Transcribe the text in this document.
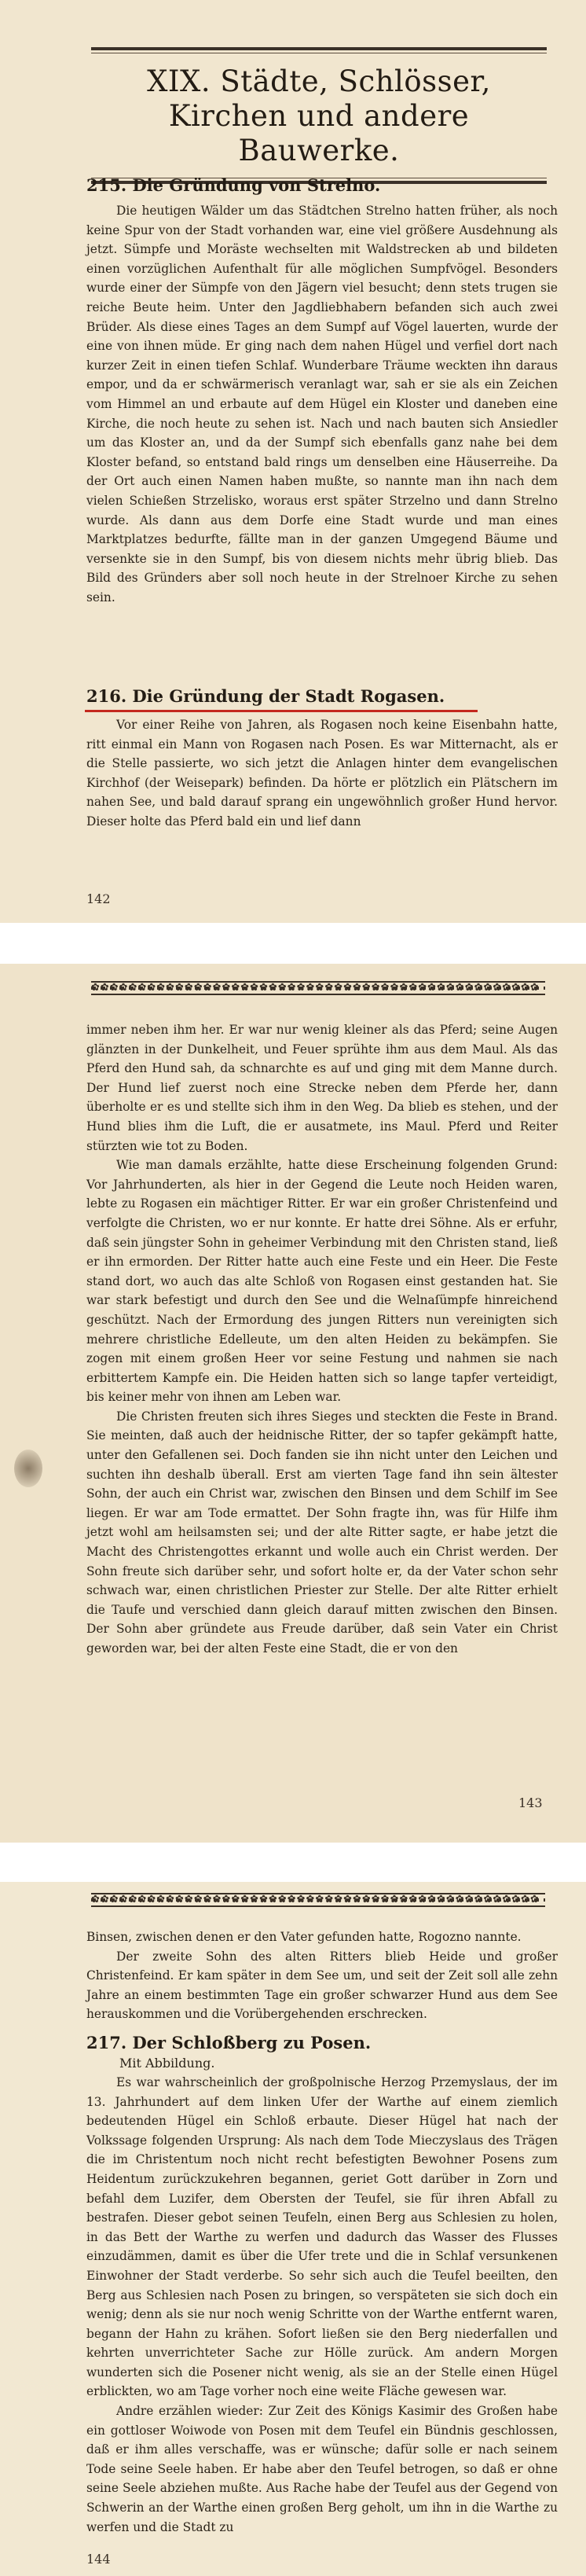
XIX. Städte, Schlösser, Kirchen und andere Bauwerke.
215. Die Gründung von Strelno.
Die heutigen Wälder um das Städtchen Strelno hatten früher, als noch keine Spur von der Stadt vorhanden war, eine viel größere Ausdehnung als jetzt. Sümpfe und Moräste wechselten mit Waldstrecken ab und bildeten einen vorzüglichen Aufenthalt für alle möglichen Sumpfvögel. Besonders wurde einer der Sümpfe von den Jägern viel besucht; denn stets trugen sie reiche Beute heim. Unter den Jagdliebhabern befanden sich auch zwei Brüder. Als diese eines Tages an dem Sumpf auf Vögel lauerten, wurde der eine von ihnen müde. Er ging nach dem nahen Hügel und verfiel dort nach kurzer Zeit in einen tiefen Schlaf. Wunderbare Träume weckten ihn daraus empor, und da er schwärmerisch veranlagt war, sah er sie als ein Zeichen vom Himmel an und erbaute auf dem Hügel ein Kloster und daneben eine Kirche, die noch heute zu sehen ist. Nach und nach bauten sich Ansiedler um das Kloster an, und da der Sumpf sich ebenfalls ganz nahe bei dem Kloster befand, so entstand bald rings um denselben eine Häuserreihe. Da der Ort auch einen Namen haben mußte, so nannte man ihn nach dem vielen Schießen Strzelisko, woraus erst später Strzelno und dann Strelno wurde. Als dann aus dem Dorfe eine Stadt wurde und man eines Marktplatzes bedurfte, fällte man in der ganzen Umgegend Bäume und versenkte sie in den Sumpf, bis von diesem nichts mehr übrig blieb. Das Bild des Gründers aber soll noch heute in der Strelnoer Kirche zu sehen sein.
216. Die Gründung der Stadt Rogasen.
Vor einer Reihe von Jahren, als Rogasen noch keine Eisenbahn hatte, ritt einmal ein Mann von Rogasen nach Posen. Es war Mitternacht, als er die Stelle passierte, wo sich jetzt die Anlagen hinter dem evangelischen Kirchhof (der Weisepark) befinden. Da hörte er plötzlich ein Plätschern im nahen See, und bald darauf sprang ein ungewöhnlich großer Hund hervor. Dieser holte das Pferd bald ein und lief dann
142
✿✿✿✿✿✿✿✿✿✿✿✿✿✿✿✿✿✿✿✿✿✿✿✿✿✿✿✿✿✿✿✿✿✿✿✿✿✿✿✿✿✿✿✿✿✿✿✿
immer neben ihm her. Er war nur wenig kleiner als das Pferd; seine Augen glänzten in der Dunkelheit, und Feuer sprühte ihm aus dem Maul. Als das Pferd den Hund sah, da schnarchte es auf und ging mit dem Manne durch. Der Hund lief zuerst noch eine Strecke neben dem Pferde her, dann überholte er es und stellte sich ihm in den Weg. Da blieb es stehen, und der Hund blies ihm die Luft, die er ausatmete, ins Maul. Pferd und Reiter stürzten wie tot zu Boden.
Wie man damals erzählte, hatte diese Erscheinung folgenden Grund: Vor Jahrhunderten, als hier in der Gegend die Leute noch Heiden waren, lebte zu Rogasen ein mächtiger Ritter. Er war ein großer Christenfeind und verfolgte die Christen, wo er nur konnte. Er hatte drei Söhne. Als er erfuhr, daß sein jüngster Sohn in geheimer Verbindung mit den Christen stand, ließ er ihn ermorden. Der Ritter hatte auch eine Feste und ein Heer. Die Feste stand dort, wo auch das alte Schloß von Rogasen einst gestanden hat. Sie war stark befestigt und durch den See und die Welnaſümpfe hinreichend geschützt. Nach der Ermordung des jungen Ritters nun vereinigten sich mehrere christliche Edelleute, um den alten Heiden zu bekämpfen. Sie zogen mit einem großen Heer vor seine Festung und nahmen sie nach erbittertem Kampfe ein. Die Heiden hatten sich so lange tapfer verteidigt, bis keiner mehr von ihnen am Leben war.
Die Christen freuten sich ihres Sieges und steckten die Feste in Brand. Sie meinten, daß auch der heidnische Ritter, der so tapfer gekämpft hatte, unter den Gefallenen sei. Doch fanden sie ihn nicht unter den Leichen und suchten ihn deshalb überall. Erst am vierten Tage fand ihn sein ältester Sohn, der auch ein Christ war, zwischen den Binsen und dem Schilf im See liegen. Er war am Tode ermattet. Der Sohn fragte ihn, was für Hilfe ihm jetzt wohl am heilsamsten sei; und der alte Ritter sagte, er habe jetzt die Macht des Christengottes erkannt und wolle auch ein Christ werden. Der Sohn freute sich darüber sehr, und sofort holte er, da der Vater schon sehr schwach war, einen christlichen Priester zur Stelle. Der alte Ritter erhielt die Taufe und verschied dann gleich darauf mitten zwischen den Binsen. Der Sohn aber gründete aus Freude darüber, daß sein Vater ein Christ geworden war, bei der alten Feste eine Stadt, die er von den
143
✿✿✿✿✿✿✿✿✿✿✿✿✿✿✿✿✿✿✿✿✿✿✿✿✿✿✿✿✿✿✿✿✿✿✿✿✿✿✿✿✿✿✿✿✿✿✿✿
Binsen, zwischen denen er den Vater gefunden hatte, Rogozno nannte.
Der zweite Sohn des alten Ritters blieb Heide und großer Christenfeind. Er kam später in dem See um, und seit der Zeit soll alle zehn Jahre an einem bestimmten Tage ein großer schwarzer Hund aus dem See herauskommen und die Vorübergehenden erschrecken.
217. Der Schloßberg zu Posen.
Mit Abbildung.
Es war wahrscheinlich der großpolnische Herzog Przemyslaus, der im 13. Jahrhundert auf dem linken Ufer der Warthe auf einem ziemlich bedeutenden Hügel ein Schloß erbaute. Dieser Hügel hat nach der Volkssage folgenden Ursprung: Als nach dem Tode Mieczyslaus des Trägen die im Christentum noch nicht recht befestigten Bewohner Posens zum Heidentum zurückzukehren begannen, geriet Gott darüber in Zorn und befahl dem Luzifer, dem Obersten der Teufel, sie für ihren Abfall zu bestrafen. Dieser gebot seinen Teufeln, einen Berg aus Schlesien zu holen, in das Bett der Warthe zu werfen und dadurch das Wasser des Flusses einzudämmen, damit es über die Ufer trete und die in Schlaf versunkenen Einwohner der Stadt verderbe. So sehr sich auch die Teufel beeilten, den Berg aus Schlesien nach Posen zu bringen, so verspäteten sie sich doch ein wenig; denn als sie nur noch wenig Schritte von der Warthe entfernt waren, begann der Hahn zu krähen. Sofort ließen sie den Berg niederfallen und kehrten unverrichteter Sache zur Hölle zurück. Am andern Morgen wunderten sich die Posener nicht wenig, als sie an der Stelle einen Hügel erblickten, wo am Tage vorher noch eine weite Fläche gewesen war.
Andre erzählen wieder: Zur Zeit des Königs Kasimir des Großen habe ein gottloser Woiwode von Posen mit dem Teufel ein Bündnis geschlossen, daß er ihm alles verschaffe, was er wünsche; dafür solle er nach seinem Tode seine Seele haben. Er habe aber den Teufel betrogen, so daß er ohne seine Seele abziehen mußte. Aus Rache habe der Teufel aus der Gegend von Schwerin an der Warthe einen großen Berg geholt, um ihn in die Warthe zu werfen und die Stadt zu
144
